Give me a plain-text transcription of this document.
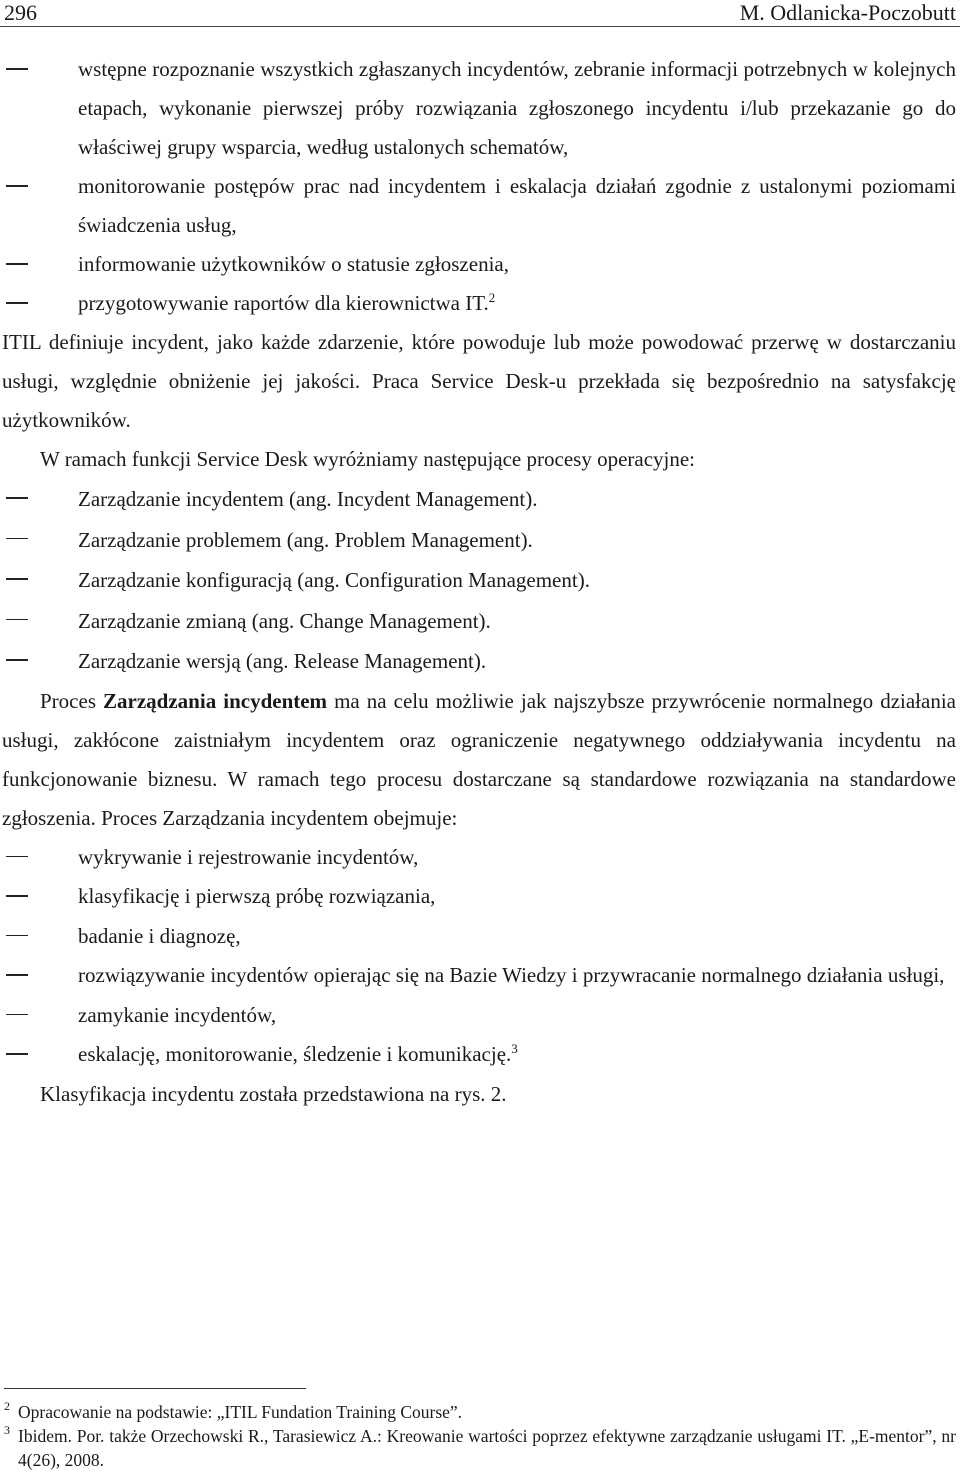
296	M. Odlanicka-Poczobutt
wstępne rozpoznanie wszystkich zgłaszanych incydentów, zebranie informacji potrzebnych w kolejnych etapach, wykonanie pierwszej próby rozwiązania zgłoszonego incydentu i/lub przekazanie go do właściwej grupy wsparcia, według ustalonych schematów,
monitorowanie postępów prac nad incydentem i eskalacja działań zgodnie z ustalonymi poziomami świadczenia usług,
informowanie użytkowników o statusie zgłoszenia,
przygotowywanie raportów dla kierownictwa IT.$^2$

ITIL definiuje incydent, jako każde zdarzenie, które powoduje lub może powodować przerwę w dostarczaniu usługi, względnie obniżenie jej jakości. Praca Service Desk-u przekłada się bezpośrednio na satysfakcję użytkowników.

W ramach funkcji Service Desk wyróżniamy następujące procesy operacyjne:

Zarządzanie incydentem (ang. Incydent Management).
Zarządzanie problemem (ang. Problem Management).
Zarządzanie konfiguracją (ang. Configuration Management).
Zarządzanie zmianą (ang. Change Management).
Zarządzanie wersją (ang. Release Management).

Proces Zarządzania incydentem ma na celu możliwie jak najszybsze przywrócenie normalnego działania usługi, zakłócone zaistniałym incydentem oraz ograniczenie negatywnego oddziaływania incydentu na funkcjonowanie biznesu. W ramach tego procesu dostarczane są standardowe rozwiązania na standardowe zgłoszenia. Proces Zarządzania incydentem obejmuje:

wykrywanie i rejestrowanie incydentów,
klasyfikację i pierwszą próbę rozwiązania,
badanie i diagnozę,
rozwiązywanie incydentów opierając się na Bazie Wiedzy i przywracanie normalnego działania usługi,
zamykanie incydentów,
eskalację, monitorowanie, śledzenie i komunikację.$^3$

Klasyfikacja incydentu została przedstawiona na rys. 2.

2 Opracowanie na podstawie: „ITIL Fundation Training Course”.
3 Ibidem. Por. także Orzechowski R., Tarasiewicz A.: Kreowanie wartości poprzez efektywne zarządzanie usługami IT. „E-mentor”, nr 4(26), 2008.
